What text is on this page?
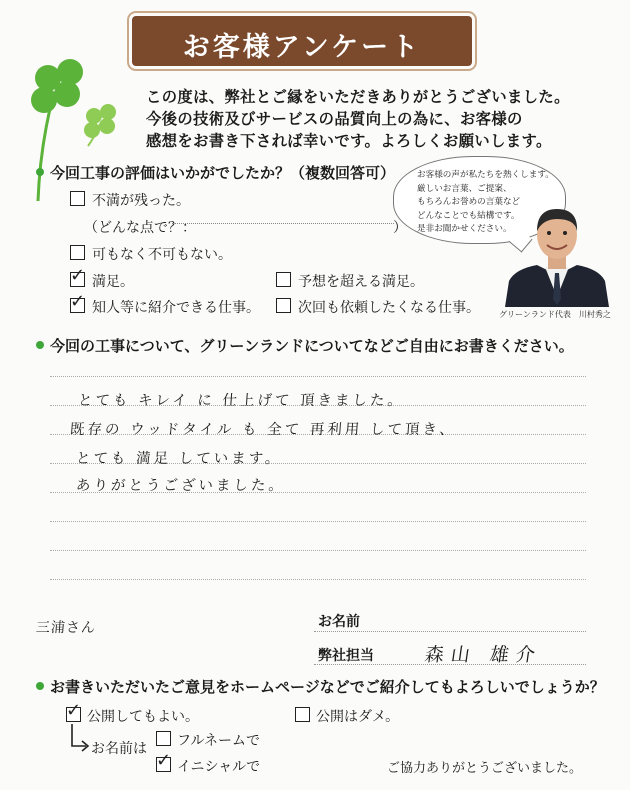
お客様アンケート
この度は、弊社とご縁をいただきありがとうございました。
今後の技術及びサービスの品質向上の為に、お客様の
感想をお書き下されば幸いです。よろしくお願いします。
今回工事の評価はいかがでしたか？（複数回答可）
不満が残った。
（どんな点で？：	）
可もなく不可もない。
✓ 満足。	予想を超える満足。
✓ 知人等に紹介できる仕事。	次回も依頼したくなる仕事。
お客様の声が私たちを熱くします。
厳しいお言葉、ご提案、
もちろんお誉めの言葉など
どんなことでも結構です。
是非お聞かせください。
グリーンランド代表　川村秀之
今回の工事について、グリーンランドについてなどご自由にお書きください。
とても キレイ に 仕上げて 頂きました。
既存の ウッドタイル も 全て 再利用 して頂き、
とても 満足 しています。
ありがとうございました。
三浦さん	お名前
弊社担当	森山 雄介
お書きいただいたご意見をホームページなどでご紹介してもよろしいでしょうか？
✓ 公開してもよい。	公開はダメ。
お名前は フルネームで
✓ イニシャルで	ご協力ありがとうございました。
